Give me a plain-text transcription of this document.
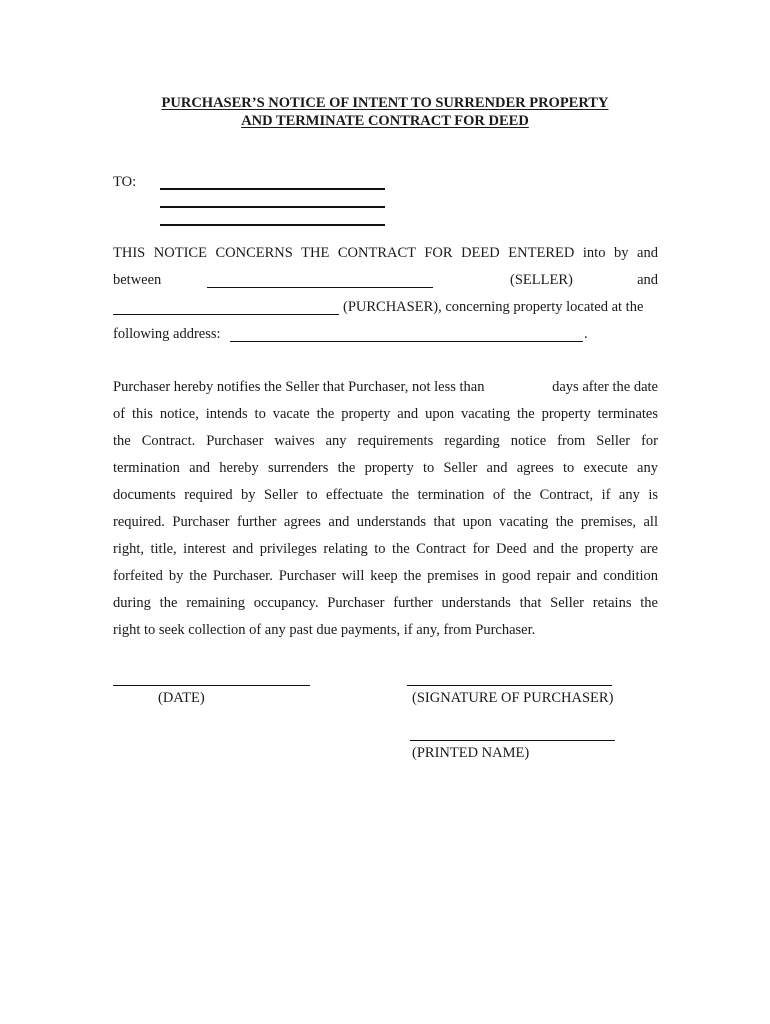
PURCHASER’S NOTICE OF INTENT TO SURRENDER PROPERTY
AND TERMINATE CONTRACT FOR DEED
TO:
THIS NOTICE CONCERNS THE CONTRACT FOR DEED ENTERED into by and
between	(SELLER)	and
(PURCHASER), concerning property located at the
following address:	.
Purchaser hereby notifies the Seller that Purchaser, not less than	days after the date
of this notice, intends to vacate the property and upon vacating the property terminates
the Contract. Purchaser waives any requirements regarding notice from Seller for
termination and hereby surrenders the property to Seller and agrees to execute any
documents required by Seller to effectuate the termination of the Contract, if any is
required. Purchaser further agrees and understands that upon vacating the premises, all
right, title, interest and privileges relating to the Contract for Deed and the property are
forfeited by the Purchaser. Purchaser will keep the premises in good repair and condition
during the remaining occupancy. Purchaser further understands that Seller retains the
right to seek collection of any past due payments, if any, from Purchaser.
(DATE)	(SIGNATURE OF PURCHASER)
(PRINTED NAME)
